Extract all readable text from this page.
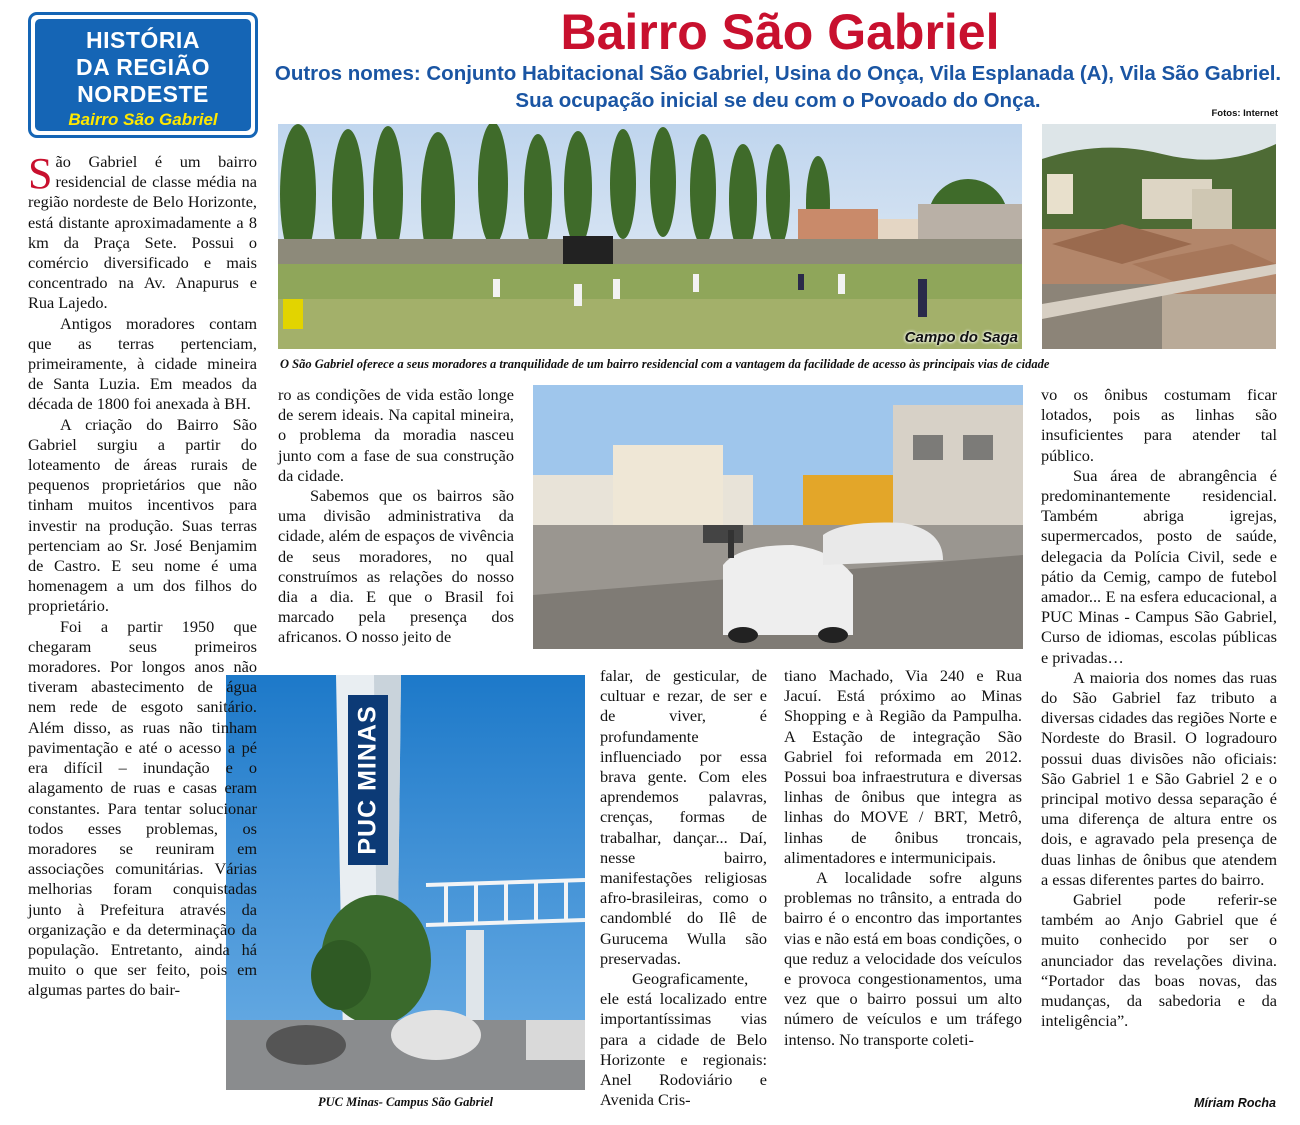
HISTÓRIA
DA REGIÃO
NORDESTE
Bairro São Gabriel
Bairro São Gabriel
Outros nomes: Conjunto Habitacional São Gabriel, Usina do Onça, Vila Esplanada (A), Vila São Gabriel. Sua ocupação inicial se deu com o Povoado do Onça.
Fotos: Internet
Campo do Saga
O São Gabriel oferece a seus moradores a tranquilidade de um bairro residencial com a vantagem da facilidade de acesso às principais vias de cidade
PUC MINAS
PUC Minas- Campus São Gabriel

São Gabriel é um bairro residencial de classe média na região nordeste de Belo Horizonte, está distante aproximadamente a 8 km da Praça Sete. Possui o comércio diversificado e mais concentrado na Av. Anapurus e Rua Lajedo.

Antigos moradores contam que as terras pertenciam, primeiramente, à cidade mineira de Santa Luzia. Em meados da década de 1800 foi anexada à BH.

A criação do Bairro São Gabriel surgiu a partir do loteamento de áreas rurais de pequenos proprietários que não tinham muitos incentivos para investir na produção. Suas terras pertenciam ao Sr. José Benjamim de Castro. E seu nome é uma homenagem a um dos filhos do proprietário.

Foi a partir 1950 que chegaram seus primeiros moradores. Por longos anos não tiveram abastecimento de água nem rede de esgoto sanitário. Além disso, as ruas não tinham pavimentação e até o acesso a pé era difícil – inundação e o alagamento de ruas e casas eram constantes. Para tentar solucionar todos esses problemas, os moradores se reuniram em associações comunitárias. Várias melhorias foram conquistadas junto à Prefeitura através da organização e da determinação da população. Entretanto, ainda há muito o que ser feito, pois em algumas partes do bair-

ro as condições de vida estão longe de serem ideais. Na capital mineira, o problema da moradia nasceu junto com a fase de sua construção da cidade.

Sabemos que os bairros são uma divisão administrativa da cidade, além de espaços de vivência de seus moradores, no qual construímos as relações do nosso dia a dia. E que o Brasil foi marcado pela presença dos africanos. O nosso jeito de

falar, de gesticular, de cultuar e rezar, de ser e de viver, é profundamente influenciado por essa brava gente. Com eles aprendemos palavras, crenças, formas de trabalhar, dançar... Daí, nesse bairro, manifestações religiosas afro-brasileiras, como o candomblé do Ilê de Gurucema Wulla são preservadas.

Geograficamente, ele está localizado entre importantíssimas vias para a cidade de Belo Horizonte e regionais: Anel Rodoviário e Avenida Cris-

tiano Machado, Via 240 e Rua Jacuí. Está próximo ao Minas Shopping e à Região da Pampulha. A Estação de integração São Gabriel foi reformada em 2012. Possui boa infraestrutura e diversas linhas de ônibus que integra as linhas do MOVE / BRT, Metrô, linhas de ônibus troncais, alimentadores e intermunicipais.

A localidade sofre alguns problemas no trânsito, a entrada do bairro é o encontro das importantes vias e não está em boas condições, o que reduz a velocidade dos veículos e provoca congestionamentos, uma vez que o bairro possui um alto número de veículos e um tráfego intenso. No transporte coleti-

vo os ônibus costumam ficar lotados, pois as linhas são insuficientes para atender tal público.

Sua área de abrangência é predominantemente residencial. Também abriga igrejas, supermercados, posto de saúde, delegacia da Polícia Civil, sede e pátio da Cemig, campo de futebol amador... E na esfera educacional, a PUC Minas - Campus São Gabriel, Curso de idiomas, escolas públicas e privadas…

A maioria dos nomes das ruas do São Gabriel faz tributo a diversas cidades das regiões Norte e Nordeste do Brasil. O logradouro possui duas divisões não oficiais: São Gabriel 1 e São Gabriel 2 e o principal motivo dessa separação é uma diferença de altura entre os dois, e agravado pela presença de duas linhas de ônibus que atendem a essas diferentes partes do bairro.

Gabriel pode referir-se também ao Anjo Gabriel que é muito conhecido por ser o anunciador das revelações divina. “Portador das boas novas, das mudanças, da sabedoria e da inteligência”.

Míriam Rocha
